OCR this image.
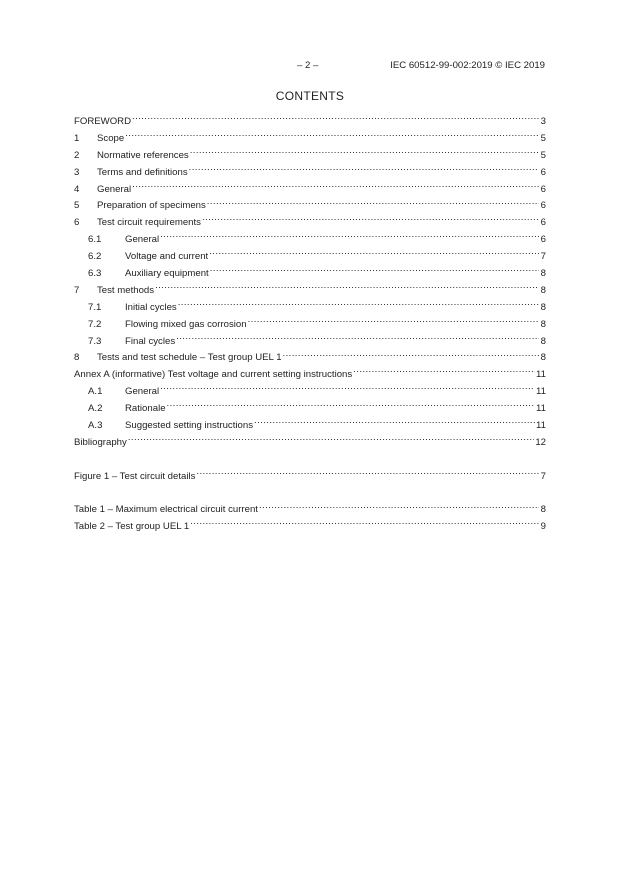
– 2 –	IEC 60512-99-002:2019 © IEC 2019
CONTENTS
FOREWORD .....	3
1	Scope .....	5
2	Normative references .....	5
3	Terms and definitions .....	6
4	General .....	6
5	Preparation of specimens .....	6
6	Test circuit requirements .....	6
6.1	General .....	6
6.2	Voltage and current .....	7
6.3	Auxiliary equipment .....	8
7	Test methods .....	8
7.1	Initial cycles .....	8
7.2	Flowing mixed gas corrosion .....	8
7.3	Final cycles .....	8
8	Tests and test schedule – Test group UEL 1 .....	8
Annex A (informative) Test voltage and current setting instructions .....	11
A.1	General .....	11
A.2	Rationale .....	11
A.3	Suggested setting instructions .....	11
Bibliography .....	12
Figure 1 – Test circuit details .....	7
Table 1 – Maximum electrical circuit current .....	8
Table 2 – Test group UEL 1 .....	9
